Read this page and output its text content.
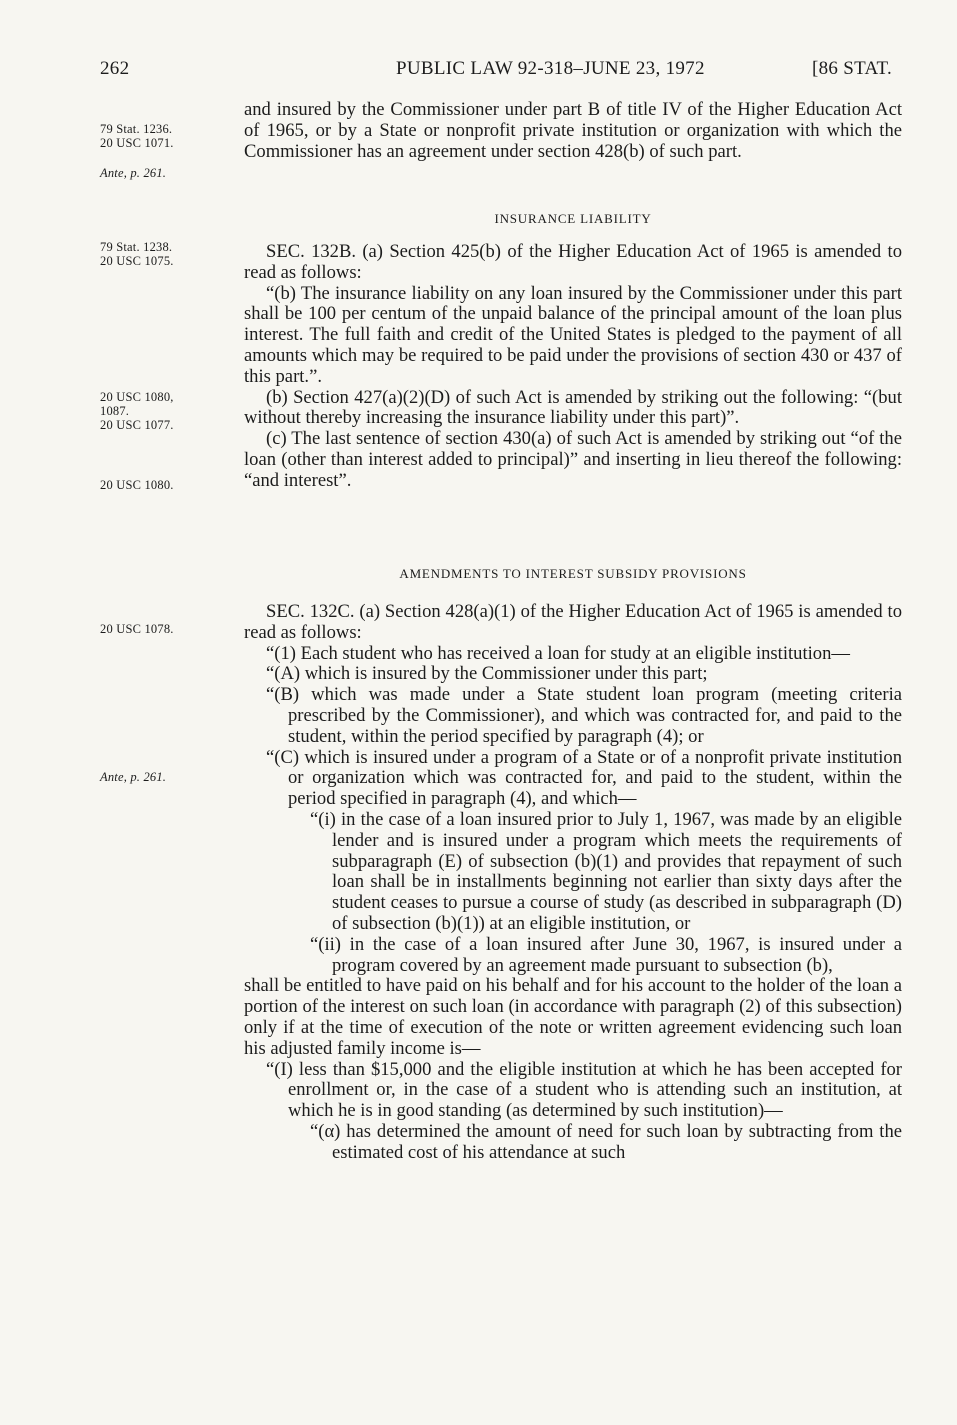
262	PUBLIC LAW 92-318–JUNE 23, 1972	[86 STAT.
79 Stat. 1236.
20 USC 1071.
Ante, p. 261.
79 Stat. 1238.
20 USC 1075.
20 USC 1080,
1087.
20 USC 1077.
20 USC 1080.
20 USC 1078.
Ante, p. 261.

and insured by the Commissioner under part B of title IV of the Higher Education Act of 1965, or by a State or nonprofit private institution or organization with which the Commissioner has an agreement under section 428(b) of such part.

INSURANCE LIABILITY

SEC. 132B. (a) Section 425(b) of the Higher Education Act of 1965 is amended to read as follows:

“(b) The insurance liability on any loan insured by the Commissioner under this part shall be 100 per centum of the unpaid balance of the principal amount of the loan plus interest. The full faith and credit of the United States is pledged to the payment of all amounts which may be required to be paid under the provisions of section 430 or 437 of this part.”.

(b) Section 427(a)(2)(D) of such Act is amended by striking out the following: “(but without thereby increasing the insurance liability under this part)”.

(c) The last sentence of section 430(a) of such Act is amended by striking out “of the loan (other than interest added to principal)” and inserting in lieu thereof the following: “and interest”.

AMENDMENTS TO INTEREST SUBSIDY PROVISIONS

SEC. 132C. (a) Section 428(a)(1) of the Higher Education Act of 1965 is amended to read as follows:

“(1) Each student who has received a loan for study at an eligible institution—

“(A) which is insured by the Commissioner under this part;

“(B) which was made under a State student loan program (meeting criteria prescribed by the Commissioner), and which was contracted for, and paid to the student, within the period specified by paragraph (4); or

“(C) which is insured under a program of a State or of a nonprofit private institution or organization which was contracted for, and paid to the student, within the period specified in paragraph (4), and which—

“(i) in the case of a loan insured prior to July 1, 1967, was made by an eligible lender and is insured under a program which meets the requirements of subparagraph (E) of subsection (b)(1) and provides that repayment of such loan shall be in installments beginning not earlier than sixty days after the student ceases to pursue a course of study (as described in subparagraph (D) of subsection (b)(1)) at an eligible institution, or

“(ii) in the case of a loan insured after June 30, 1967, is insured under a program covered by an agreement made pursuant to subsection (b),

shall be entitled to have paid on his behalf and for his account to the holder of the loan a portion of the interest on such loan (in accordance with paragraph (2) of this subsection) only if at the time of execution of the note or written agreement evidencing such loan his adjusted family income is—

“(I) less than $15,000 and the eligible institution at which he has been accepted for enrollment or, in the case of a student who is attending such an institution, at which he is in good standing (as determined by such institution)—

“(α) has determined the amount of need for such loan by subtracting from the estimated cost of his attendance at such
